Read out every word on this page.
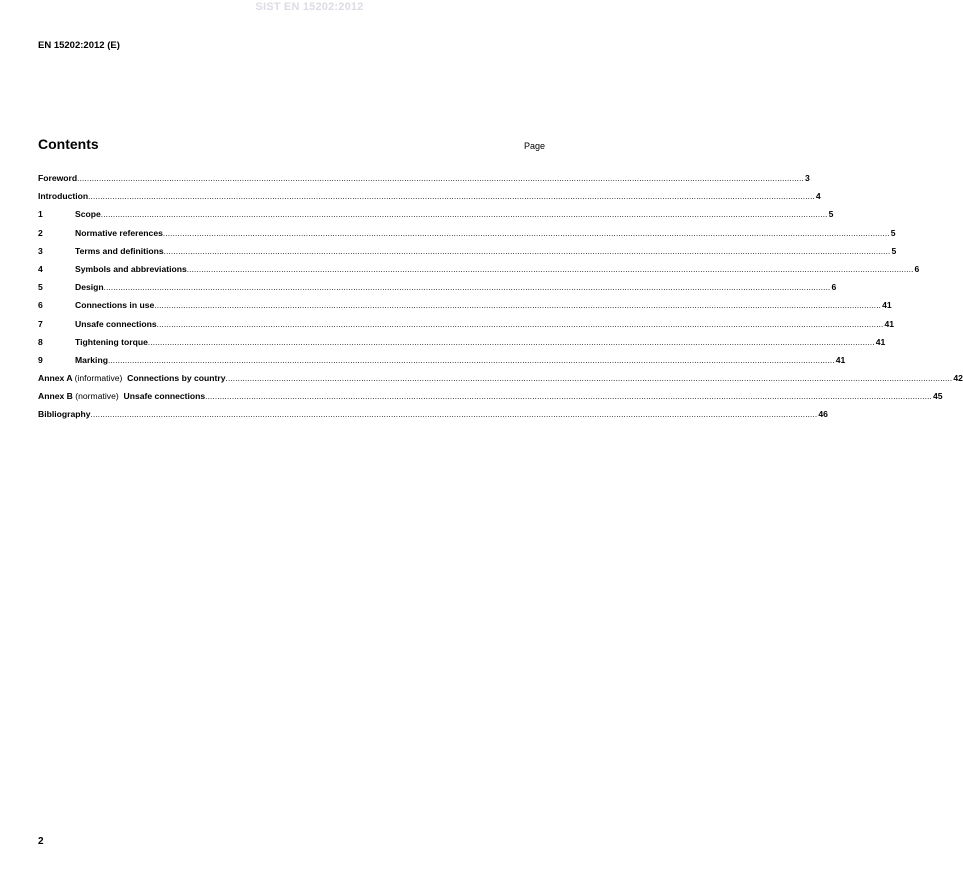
SIST EN 15202:2012
EN 15202:2012 (E)
Contents	Page
Foreword ............................................................................................................................................................................................................................................................................................................ 3
Introduction ............................................................................................................................................................................................................................................................................................................ 4
1	Scope ............................................................................................................................................................................................................................................................................................................ 5
2	Normative references ............................................................................................................................................................................................................................................................................................................ 5
3	Terms and definitions ............................................................................................................................................................................................................................................................................................................ 5
4	Symbols and abbreviations ............................................................................................................................................................................................................................................................................................................ 6
5	Design ............................................................................................................................................................................................................................................................................................................ 6
6	Connections in use ............................................................................................................................................................................................................................................................................................................ 41
7	Unsafe connections ............................................................................................................................................................................................................................................................................................................ 41
8	Tightening torque ............................................................................................................................................................................................................................................................................................................ 41
9	Marking ............................................................................................................................................................................................................................................................................................................ 41
Annex A (informative) Connections by country ............................................................................................................................................................................................................................................................................................................ 42
Annex B (normative) Unsafe connections ............................................................................................................................................................................................................................................................................................................ 45
Bibliography ............................................................................................................................................................................................................................................................................................................ 46
2
